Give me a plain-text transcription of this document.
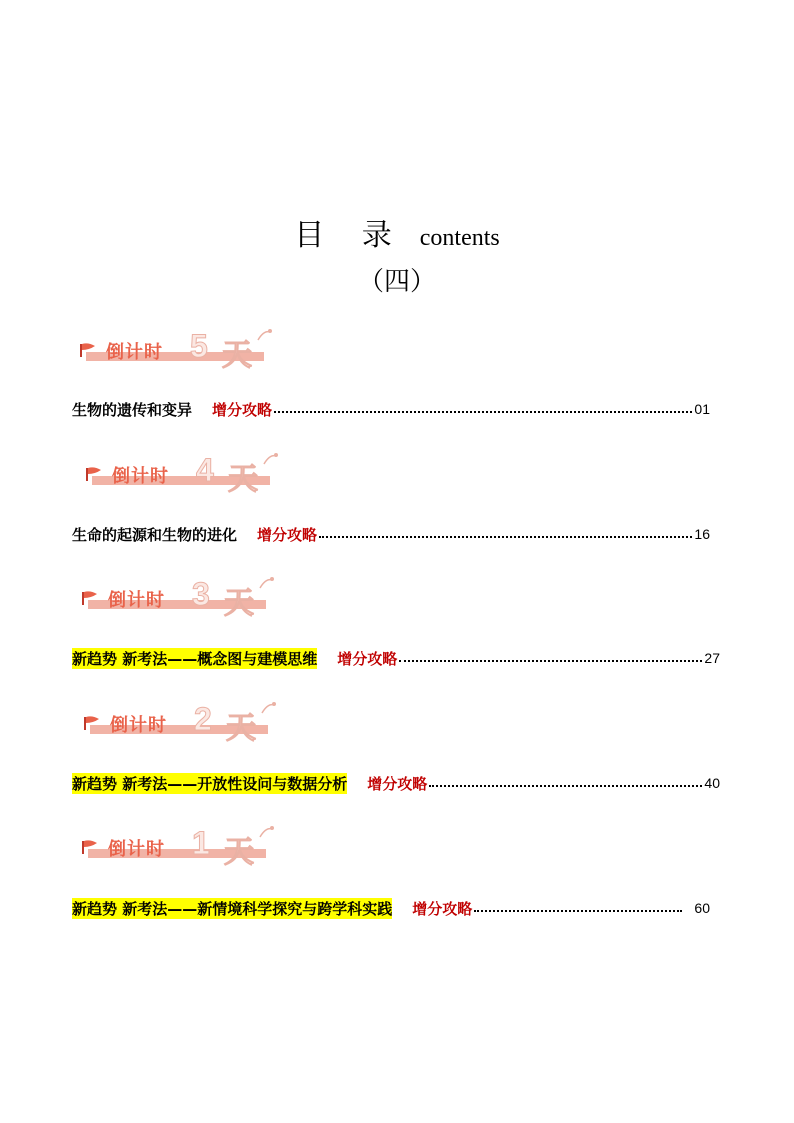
目 录 contents
（四）
倒计时 5 天
生物的遗传和变异 增分攻略	01
倒计时 4 天
生命的起源和生物的进化 增分攻略	16
倒计时 3 天
新趋势 新考法——概念图与建模思维 增分攻略	27
倒计时 2 天
新趋势 新考法——开放性设问与数据分析 增分攻略	40
倒计时 1 天
新趋势 新考法——新情境科学探究与跨学科实践 增分攻略	60
